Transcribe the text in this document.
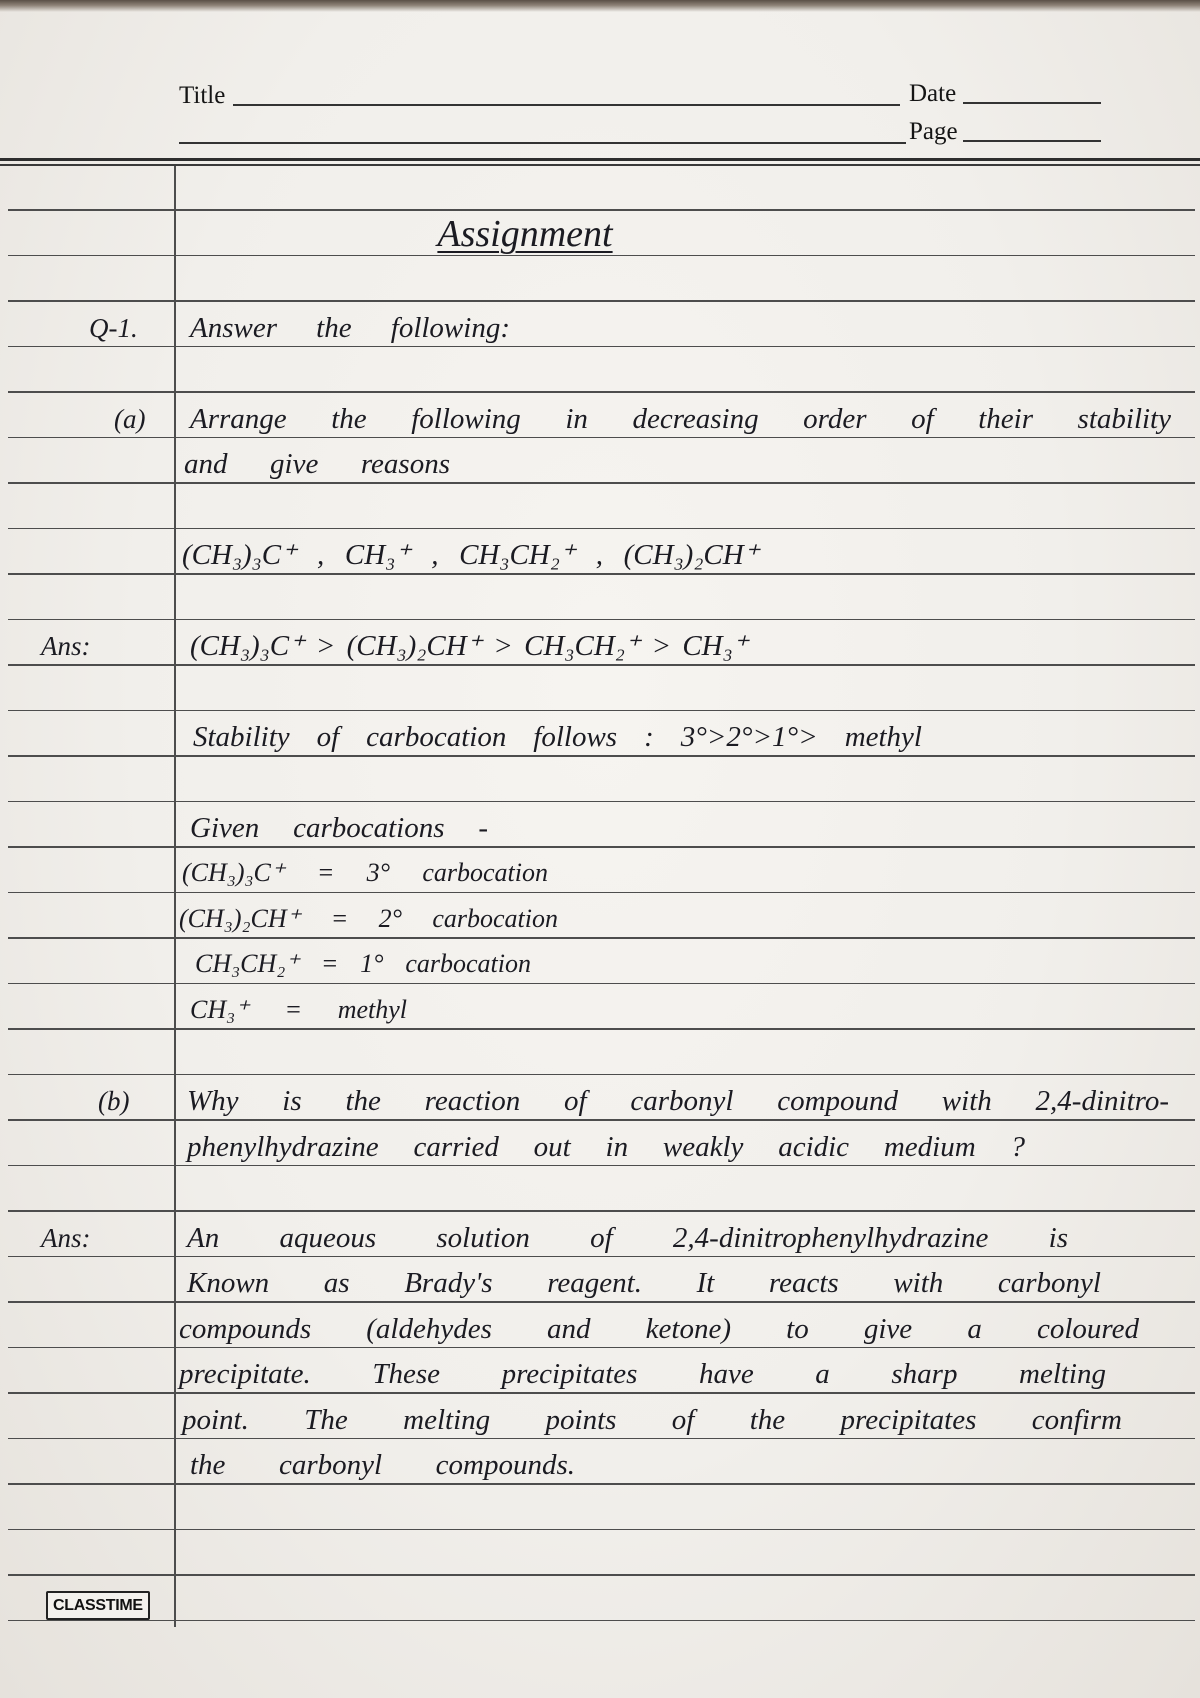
Title	Date
Page
Assignment
Q-1. Answer the following:
(a) Arrange the following in decreasing order of their stability
and give reasons
(CH₃)₃C⁺ , CH₃⁺ , CH₃CH₂⁺ , (CH₃)₂CH⁺
Ans:	(CH₃)₃C⁺ > (CH₃)₂CH⁺ > CH₃CH₂⁺ > CH₃⁺
Stability of carbocation follows : 3°>2°>1°> methyl
Given carbocations -
(CH₃)₃C⁺ = 3° carbocation
(CH₃)₂CH⁺ = 2° carbocation
CH₃CH₂⁺ = 1° carbocation
CH₃⁺ = methyl
(b) Why is the reaction of carbonyl compound with 2,4-dinitro-
phenylhydrazine carried out in weakly acidic medium ?
Ans:	An aqueous solution of 2,4-dinitrophenylhydrazine is
Known as Brady's reagent. It reacts with carbonyl
compounds (aldehydes and ketone) to give a coloured
precipitate. These precipitates have a sharp melting
point. The melting points of the precipitates confirm
the carbonyl compounds.
CLASSTIME
